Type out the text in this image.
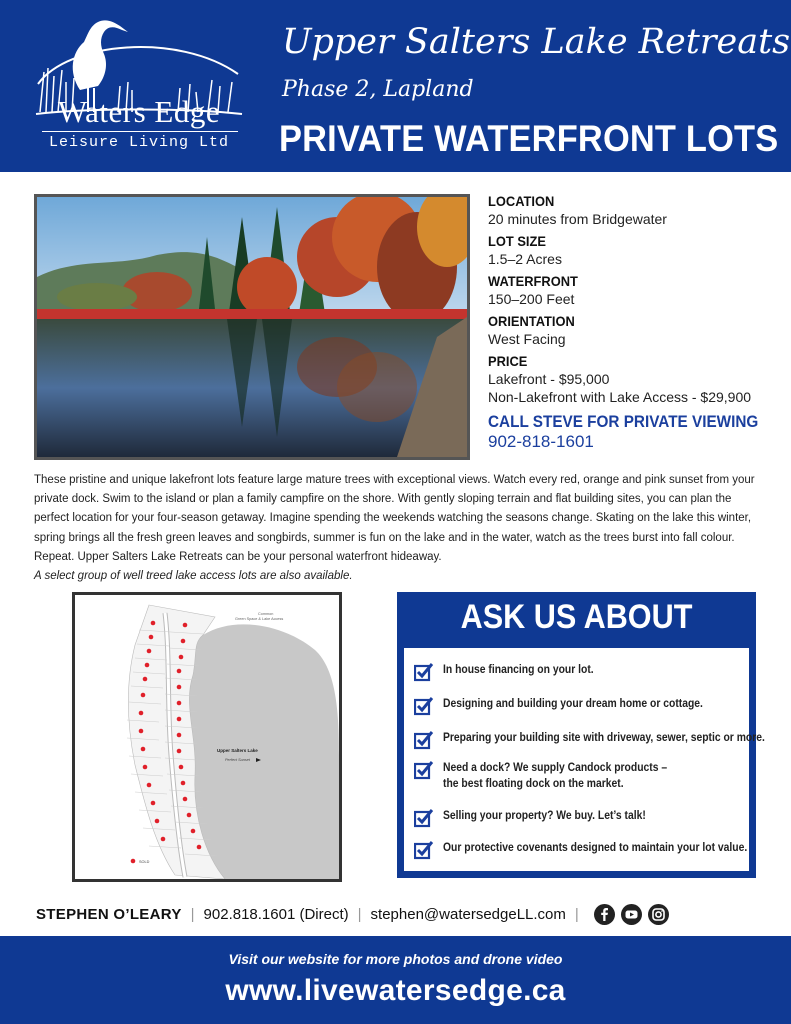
Waters Edge
Leisure Living Ltd
Upper Salters Lake Retreats
Phase 2, Lapland
PRIVATE WATERFRONT LOTS
LOCATION
20 minutes from Bridgewater
LOT SIZE
1.5–2 Acres
WATERFRONT
150–200 Feet
ORIENTATION
West Facing
PRICE
Lakefront - $95,000
Non-Lakefront with Lake Access - $29,900
CALL STEVE FOR PRIVATE VIEWING
902-818-1601
These pristine and unique lakefront lots feature large mature trees with exceptional views. Watch every red, orange and pink sunset from your private dock. Swim to the island or plan a family campfire on the shore. With gently sloping terrain and flat building sites, you can plan the perfect location for your four-season getaway. Imagine spending the weekends watching the seasons change. Skating on the lake this winter, spring brings all the fresh green leaves and songbirds, summer is fun on the lake and in the water, watch as the trees burst into fall colour. Repeat. Upper Salters Lake Retreats can be your personal waterfront hideaway.
A select group of well treed lake access lots are also available.
Upper Salters Lake
Perfect Sunset
Common
Green Space & Lake Access
SOLD
ASK US ABOUT
In house financing on your lot.
Designing and building your dream home or cottage.
Preparing your building site with driveway, sewer, septic or more.
Need a dock? We supply Candock products –
the best floating dock on the market.
Selling your property? We buy. Let’s talk!
Our protective covenants designed to maintain your lot value.
STEPHEN O’LEARY | 902.818.1601 (Direct) | stephen@watersedgeLL.com |
Visit our website for more photos and drone video
www.livewatersedge.ca
